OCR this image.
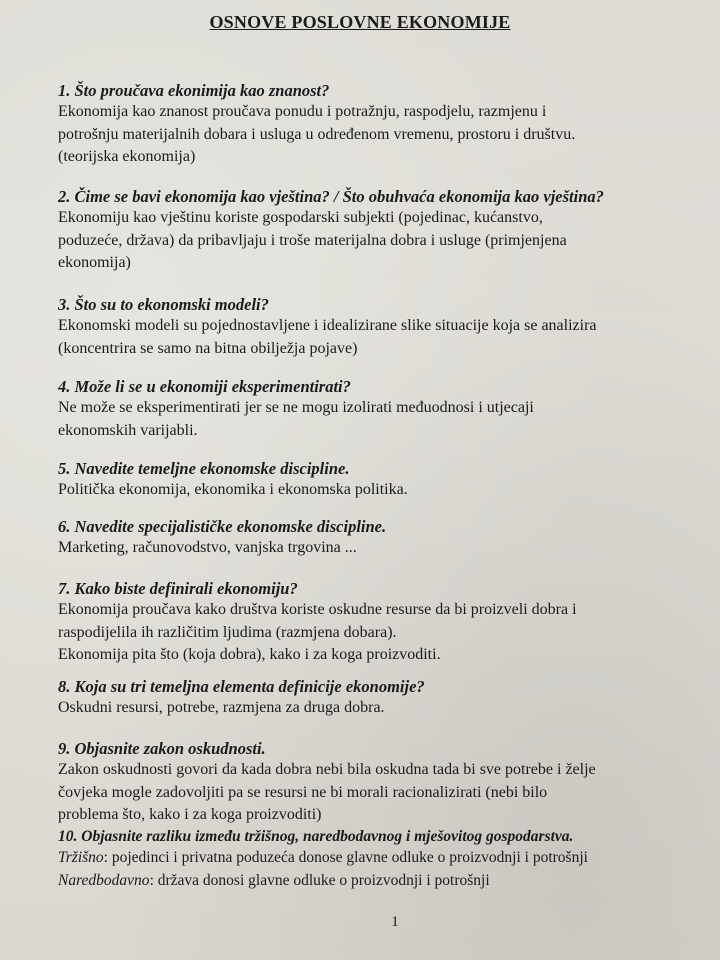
OSNOVE POSLOVNE EKONOMIJE
1. Što proučava ekonimija kao znanost?
Ekonomija kao znanost proučava ponudu i potražnju, raspodjelu, razmjenu i
potrošnju materijalnih dobara i usluga u određenom vremenu, prostoru i društvu.
(teorijska ekonomija)
2. Čime se bavi ekonomija kao vještina? / Što obuhvaća ekonomija kao vještina?
Ekonomiju kao vještinu koriste gospodarski subjekti (pojedinac, kućanstvo,
poduzeće, država) da pribavljaju i troše materijalna dobra i usluge (primjenjena
ekonomija)
3. Što su to ekonomski modeli?
Ekonomski modeli su pojednostavljene i idealizirane slike situacije koja se analizira
(koncentrira se samo na bitna obilježja pojave)
4. Može li se u ekonomiji eksperimentirati?
Ne može se eksperimentirati jer se ne mogu izolirati međuodnosi i utjecaji
ekonomskih varijabli.
5. Navedite temeljne ekonomske discipline.
Politička ekonomija, ekonomika i ekonomska politika.
6. Navedite specijalističke ekonomske discipline.
Marketing, računovodstvo, vanjska trgovina ...
7. Kako biste definirali ekonomiju?
Ekonomija proučava kako društva koriste oskudne resurse da bi proizveli dobra i
raspodijelila ih različitim ljudima (razmjena dobara).
Ekonomija pita što (koja dobra), kako i za koga proizvoditi.
8. Koja su tri temeljna elementa definicije ekonomije?
Oskudni resursi, potrebe, razmjena za druga dobra.
9. Objasnite zakon oskudnosti.
Zakon oskudnosti govori da kada dobra nebi bila oskudna tada bi sve potrebe i želje
čovjeka mogle zadovoljiti pa se resursi ne bi morali racionalizirati (nebi bilo
problema što, kako i za koga proizvoditi)
10. Objasnite razliku između tržišnog, naredbodavnog i mješovitog gospodarstva.
Tržišno: pojedinci i privatna poduzeća donose glavne odluke o proizvodnji i potrošnji
Naredbodavno: država donosi glavne odluke o proizvodnji i potrošnji
1
